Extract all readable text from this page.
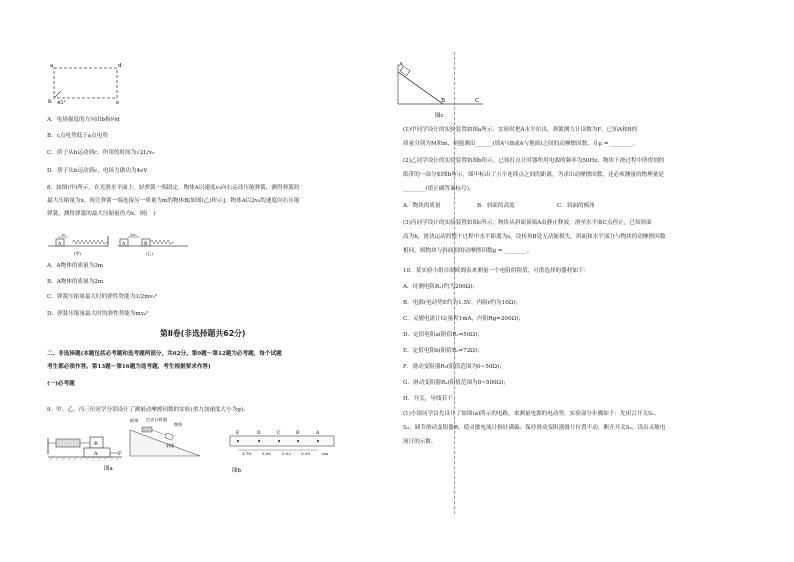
a	d
b 45°	e
A．电场强度的方向由b指向d
B．c点电势低于a点电势
C．质子从b运动到c，所用的时间为√2L/v₀
D．质子从b运动到c，电场力做功为4eV
8．如图(甲)所示，在光滑水平面上，轻弹簧一端固定，物体A以速度v₀向右运动压缩弹簧，测得弹簧的
最大压缩量为x，现让弹簧一端连接另一质量为m的物体B[如图(乙)所示]，物体A以2v₀的速度向右压缩
弹簧，测得弹簧的最大压缩量仍为x，则(　)
A
v₀
(甲)
A	B
2v₀
(乙)
A．A物体的质量为3m
B．A物体的质量为2m
C．弹簧压缩量最大时的弹性势能为3/2mv₀²
D．弹簧压缩量最大时的弹性势能为mv₀²
第Ⅱ卷(非选择题共62分)
二、非选择题(本题包括必考题和选考题两部分，共62分。第9题～第12题为必考题，每个试题
考生都必须作答。第13题～第16题为选考题，考生根据要求作答)
(一)必考题
9．甲、乙、丙三位同学分别设计了测量动摩擦因数的实验(重力加速度大小为g)。
B
A	F
图a
纸带 打点计时器
物块
斜面
E	D	C	B	A
3.78	3.65	3.52	3.39	cm
图b
A
B	C
图c
(1)甲同学设计的实验装置如图a所示，实验时把A水平拉出，弹簧测力计读数为F，已知A和B的
质量分别为M和m，则能测出______(填A与B或A与地面)之间的动摩擦因数，且μ = ________。
(2)乙同学设计的实验装置如图b所示，已知打点计时器所用电源的频率为50Hz，物块下滑过程中所得到的
纸带的一部分如图b所示，图中标出了五个连续点之间的距离，为求出动摩擦因数，还必须测量的物理量是
________(填正确答案标号)。
A．物块的质量	B．斜面的高度	C．斜面的倾角
(3)丙同学设计的实验装置如图c所示，物块从斜面顶端A由静止释放，滑至水平面C点停止，已知斜面
高为h，滑块运动的整个过程中水平距离为s，设转角B处无动能损失，斜面和水平部分与物块的动摩擦因数
相同，则物块与斜面间的动摩擦因数μ = ________。
10．某实验小组自制欧姆表来测量一个电阻的阻值，可供选择的器材如下：
A．待测电阻Rₓ(约为200Ω)；
B．电源(电动势E约为1.5V，内阻r约为10Ω)；
C．灵敏电流计G(量程1mA，内阻Rg=200Ω)；
D．定值电阻a(阻值R₁=50Ω)；
E．定值电阻b(阻值R₂=72Ω)；
F．滑动变阻器R₃(阻值范围为0~50Ω)；
G．滑动变阻器R₄(阻值范围为0~500Ω)；
H．开关，导线若干。
(1)小组同学首先设计了如图(a)所示的电路，来测量电源的电动势。实验部分步骤如下：先闭合开关S₁、
S₂，调节滑动变阻器R，使灵敏电流计指针满偏；保持滑动变阻器滑片位置不动，断开开关S₂，读出灵敏电
流计的示数。
